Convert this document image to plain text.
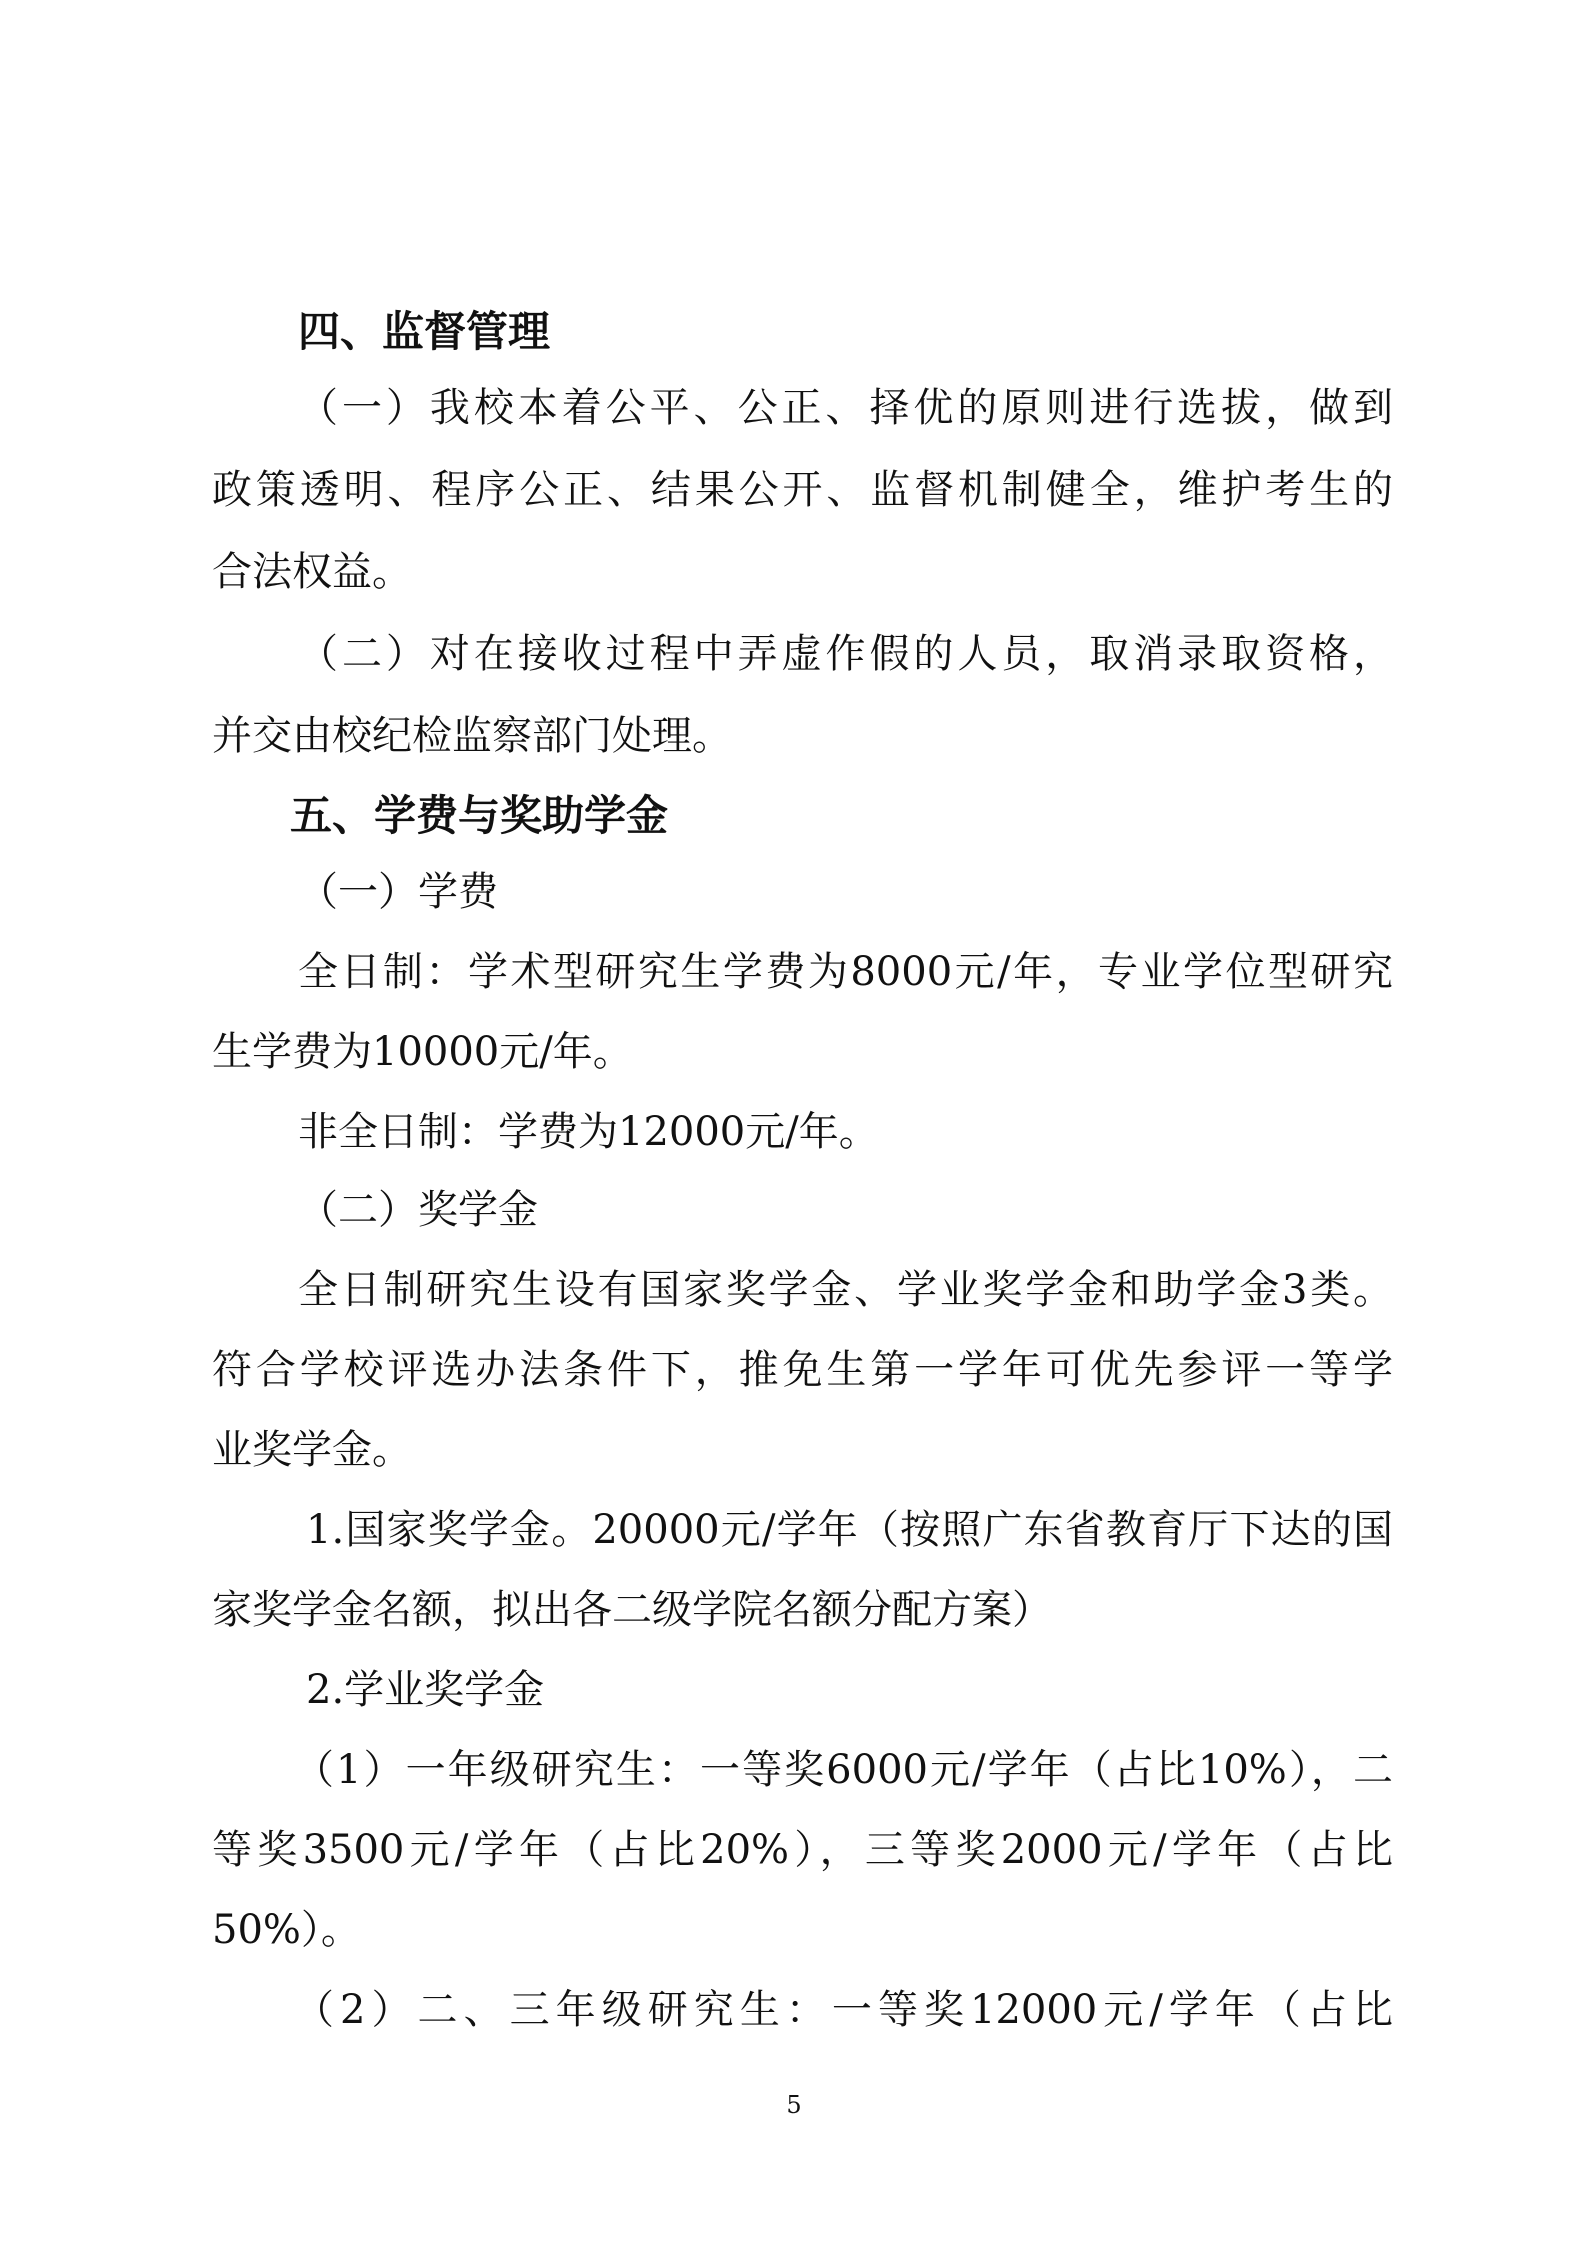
四、监督管理

（一）我校本着公平、公正、择优的原则进行选拔，做到

政策透明、程序公正、结果公开、监督机制健全，维护考生的

合法权益。

（二）对在接收过程中弄虚作假的人员，取消录取资格，

并交由校纪检监察部门处理。

五、学费与奖助学金

（一）学费

全日制：学术型研究生学费为8000元/年，专业学位型研究

生学费为10000元/年。

非全日制：学费为12000元/年。

（二）奖学金

全日制研究生设有国家奖学金、学业奖学金和助学金3类。

符合学校评选办法条件下，推免生第一学年可优先参评一等学

业奖学金。

1.国家奖学金。20000元/学年（按照广东省教育厅下达的国

家奖学金名额，拟出各二级学院名额分配方案）

2.学业奖学金

（1）一年级研究生：一等奖6000元/学年（占比10%），二

等奖3500元/学年（占比20%），三等奖2000元/学年（占比

50%）。

（2）二、三年级研究生：一等奖12000元/学年（占比

5
